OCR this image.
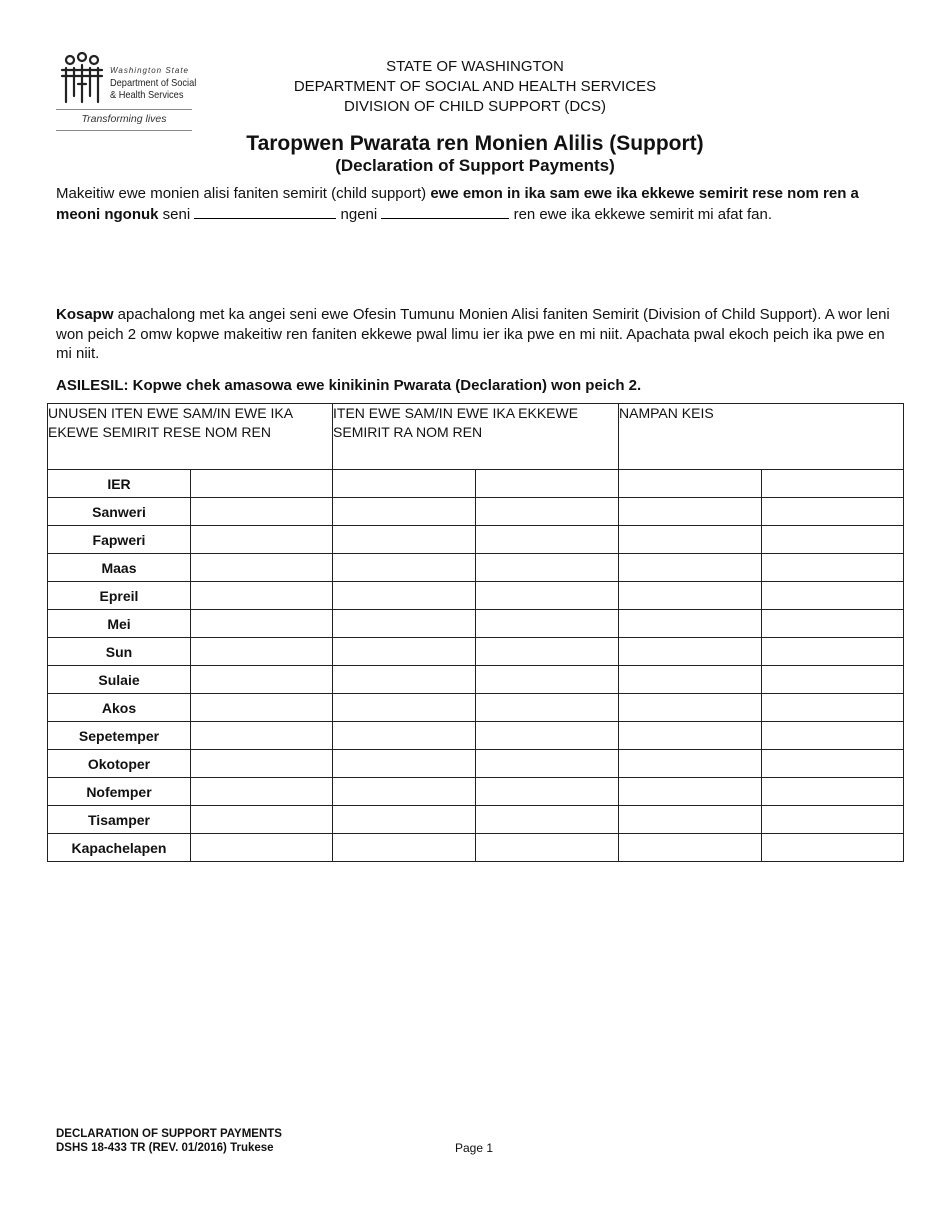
Washington State
Department of Social
& Health Services
Transforming lives
STATE OF WASHINGTON
DEPARTMENT OF SOCIAL AND HEALTH SERVICES
DIVISION OF CHILD SUPPORT (DCS)
Taropwen Pwarata ren Monien Alilis (Support)
(Declaration of Support Payments)
Makeitiw ewe monien alisi faniten semirit (child support) ewe emon in ika sam ewe ika ekkewe semirit rese nom ren a meoni ngonuk seni	ngeni	ren ewe ika ekkewe semirit mi afat fan.
Kosapw apachalong met ka angei seni ewe Ofesin Tumunu Monien Alisi faniten Semirit (Division of Child Support). A wor leni won peich 2 omw kopwe makeitiw ren faniten ekkewe pwal limu ier ika pwe en mi niit. Apachata pwal ekoch peich ika pwe en mi niit.
ASILESIL: Kopwe chek amasowa ewe kinikinin Pwarata (Declaration) won peich 2.
UNUSEN ITEN EWE SAM/IN EWE IKA EKEWE SEMIRIT RESE NOM REN		ITEN EWE SAM/IN EWE IKA EKKEWE SEMIRIT RA NOM REN		NAMPAN KEIS	
IER					
Sanweri					
Fapweri					
Maas					
Epreil					
Mei					
Sun					
Sulaie					
Akos					
Sepetemper					
Okotoper					
Nofemper					
Tisamper					
Kapachelapen					
DECLARATION OF SUPPORT PAYMENTS
DSHS 18-433 TR (REV. 01/2016) Trukese	Page 1
